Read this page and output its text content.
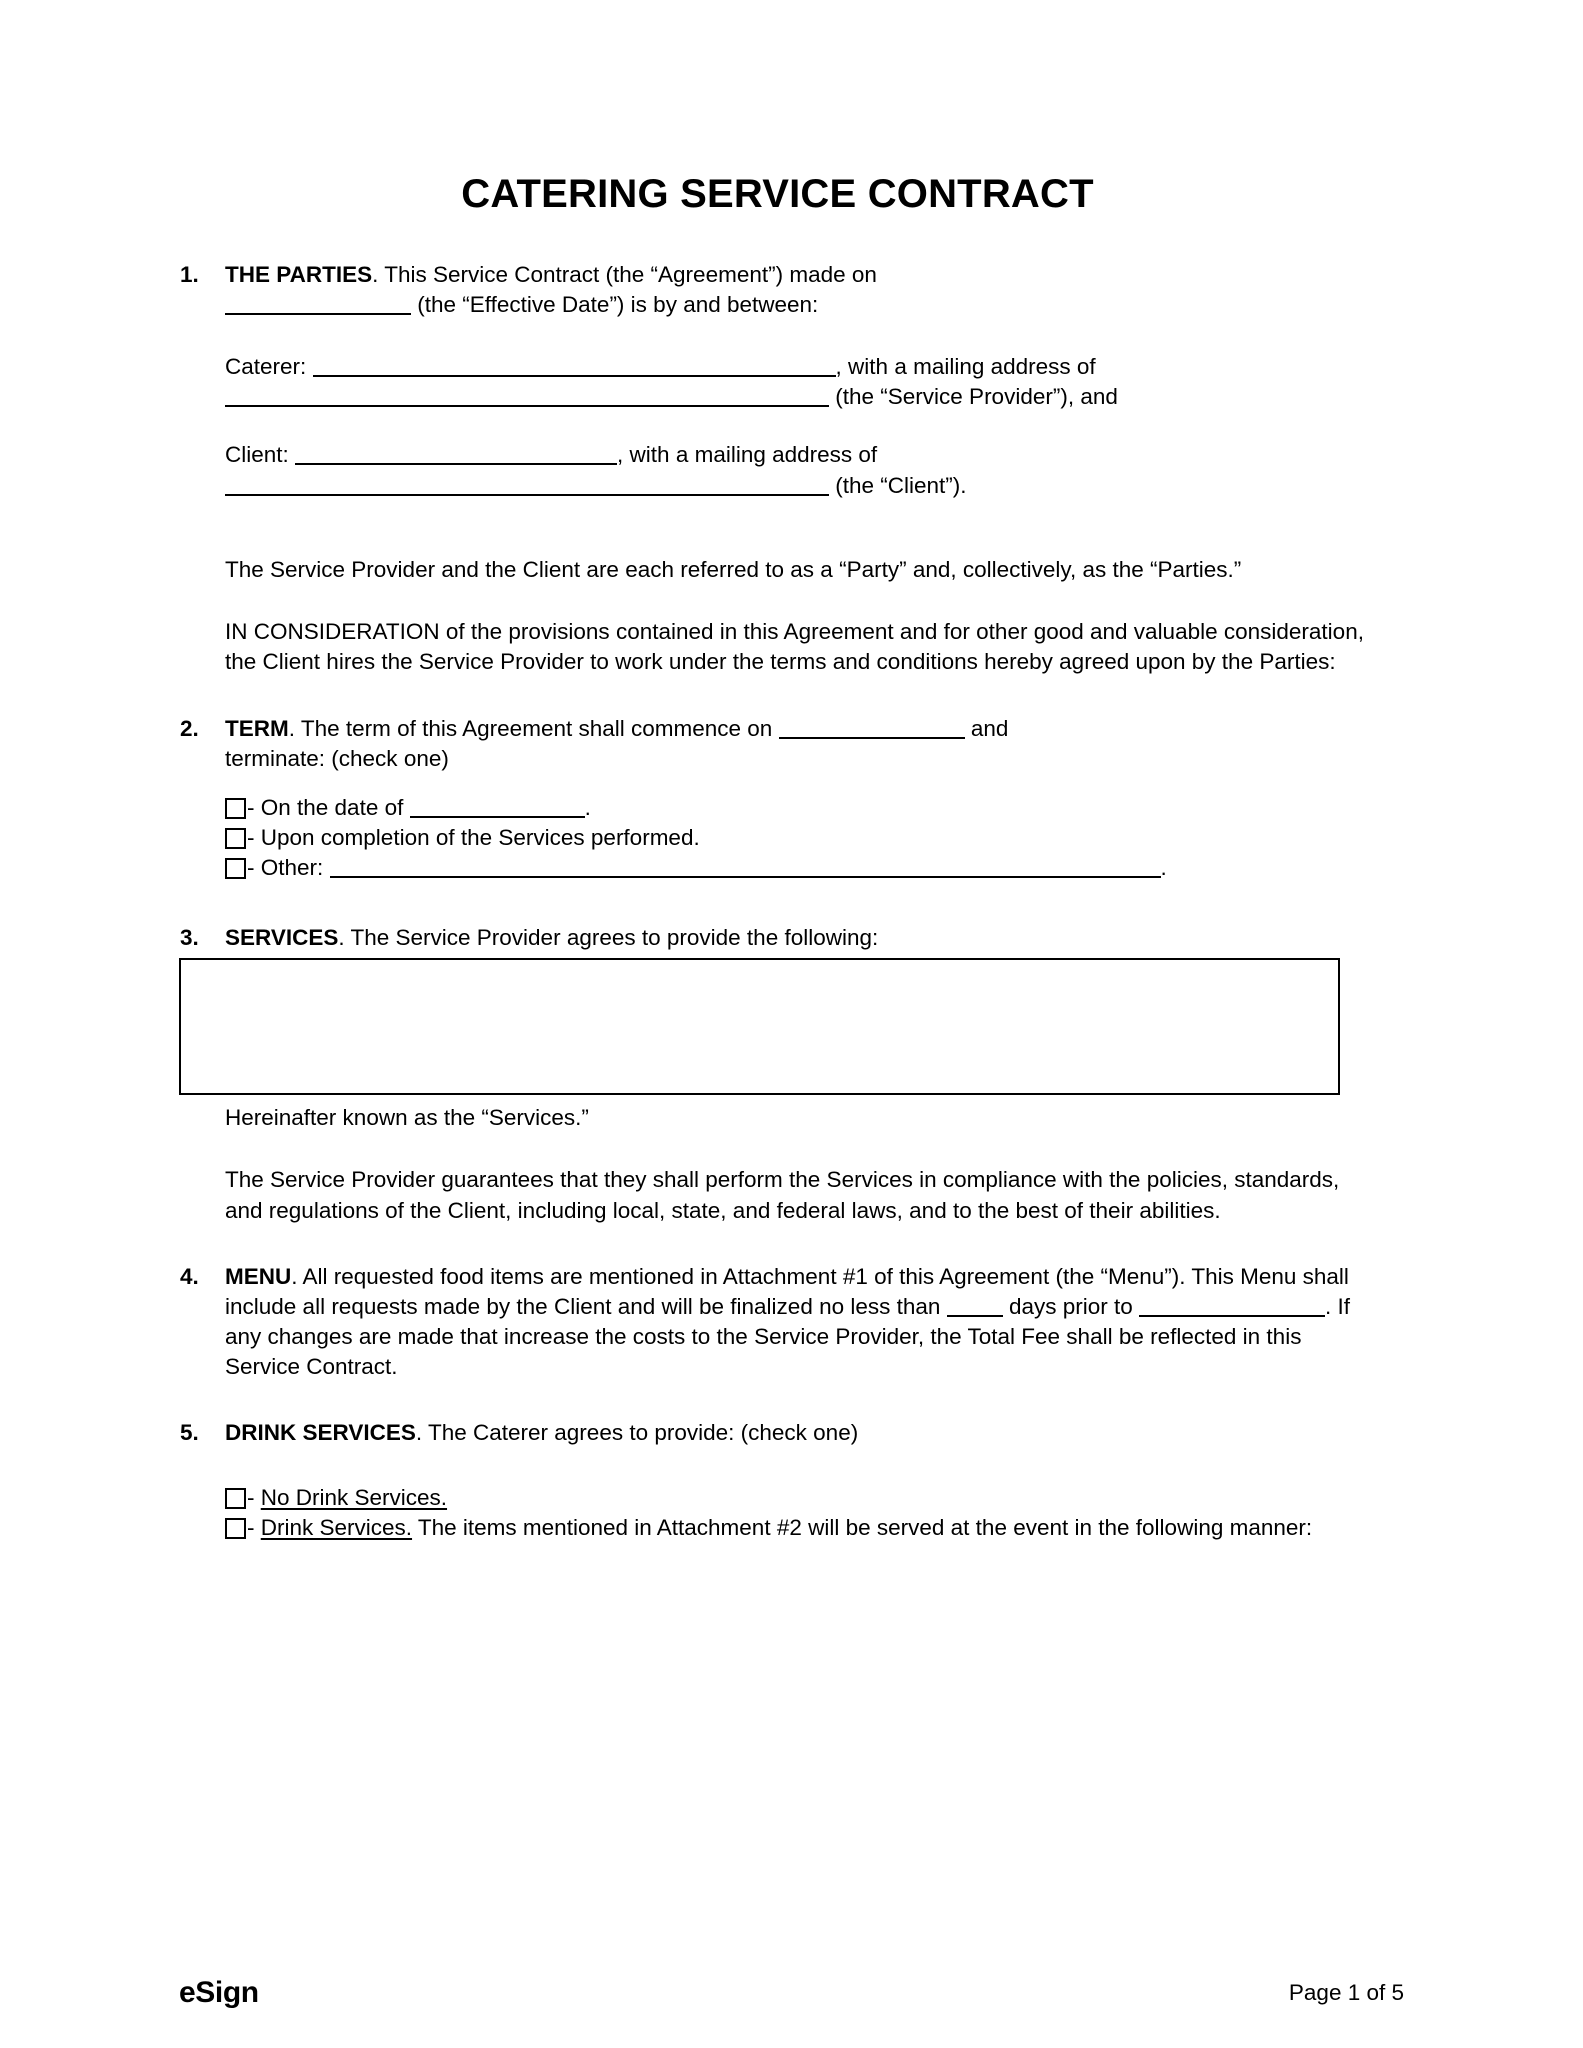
CATERING SERVICE CONTRACT
1.	THE PARTIES. This Service Contract (the “Agreement”) made on
(the “Effective Date”) is by and between:
Caterer:	, with a mailing address of
(the “Service Provider”), and
Client:	, with a mailing address of
(the “Client”).
The Service Provider and the Client are each referred to as a “Party” and, collectively, as the “Parties.”
IN CONSIDERATION of the provisions contained in this Agreement and for other good and valuable consideration, the Client hires the Service Provider to work under the terms and conditions hereby agreed upon by the Parties:
2.	TERM. The term of this Agreement shall commence on	and
terminate: (check one)
- On the date of	.
- Upon completion of the Services performed.
- Other:	.
3.	SERVICES. The Service Provider agrees to provide the following:
Hereinafter known as the “Services.”
The Service Provider guarantees that they shall perform the Services in compliance with the policies, standards, and regulations of the Client, including local, state, and federal laws, and to the best of their abilities.
4.	MENU. All requested food items are mentioned in Attachment #1 of this Agreement (the “Menu”). This Menu shall include all requests made by the Client and will be finalized no less than	days prior to	. If any changes are made that increase the costs to the Service Provider, the Total Fee shall be reflected in this Service Contract.
5.	DRINK SERVICES. The Caterer agrees to provide: (check one)
- No Drink Services.
- Drink Services. The items mentioned in Attachment #2 will be served at the event in the following manner:
eSign	Page 1 of 5
